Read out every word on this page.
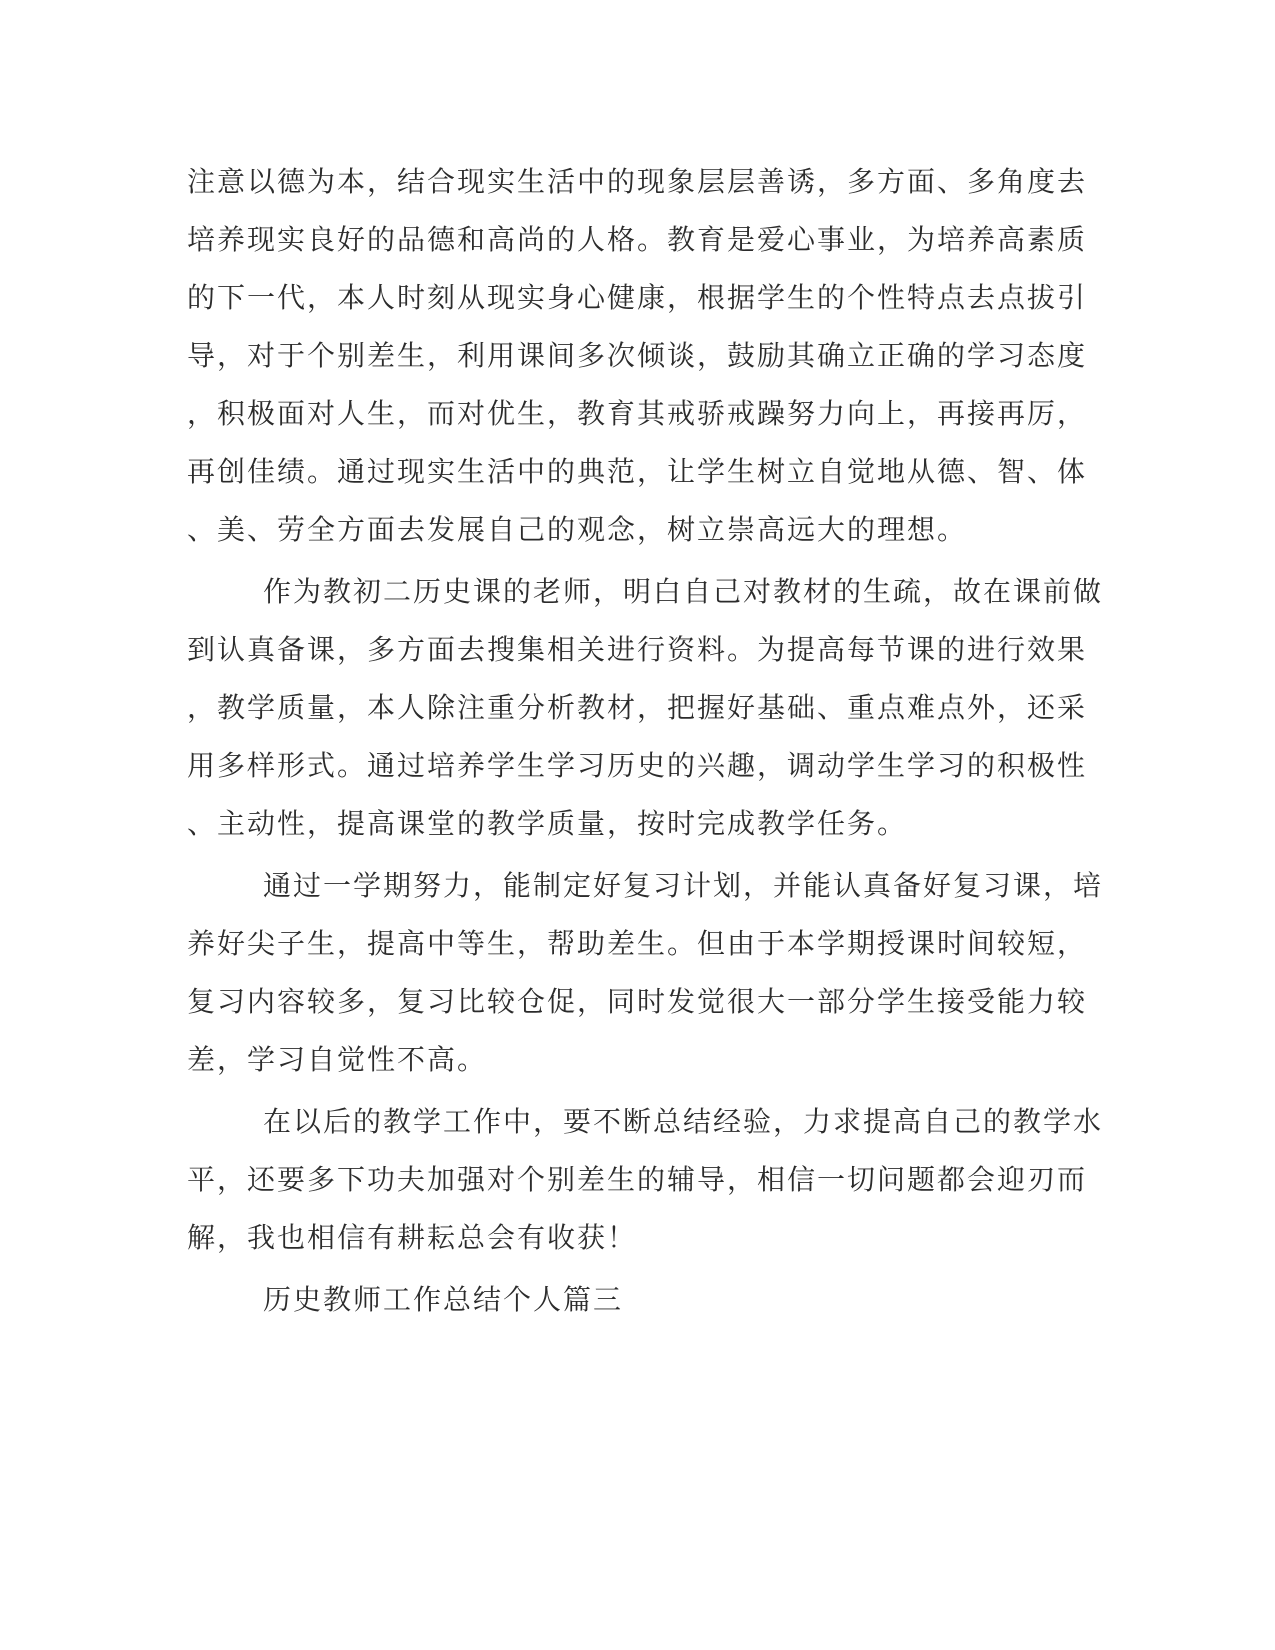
注意以德为本，结合现实生活中的现象层层善诱，多方面、多角度去

培养现实良好的品德和高尚的人格。教育是爱心事业，为培养高素质

的下一代，本人时刻从现实身心健康，根据学生的个性特点去点拔引

导，对于个别差生，利用课间多次倾谈，鼓励其确立正确的学习态度

，积极面对人生，而对优生，教育其戒骄戒躁努力向上，再接再厉，

再创佳绩。通过现实生活中的典范，让学生树立自觉地从德、智、体

、美、劳全方面去发展自己的观念，树立崇高远大的理想。

作为教初二历史课的老师，明白自己对教材的生疏，故在课前做

到认真备课，多方面去搜集相关进行资料。为提高每节课的进行效果

，教学质量，本人除注重分析教材，把握好基础、重点难点外，还采

用多样形式。通过培养学生学习历史的兴趣，调动学生学习的积极性

、主动性，提高课堂的教学质量，按时完成教学任务。

通过一学期努力，能制定好复习计划，并能认真备好复习课，培

养好尖子生，提高中等生，帮助差生。但由于本学期授课时间较短，

复习内容较多，复习比较仓促，同时发觉很大一部分学生接受能力较

差，学习自觉性不高。

在以后的教学工作中，要不断总结经验，力求提高自己的教学水

平，还要多下功夫加强对个别差生的辅导，相信一切问题都会迎刃而

解，我也相信有耕耘总会有收获！

历史教师工作总结个人篇三
